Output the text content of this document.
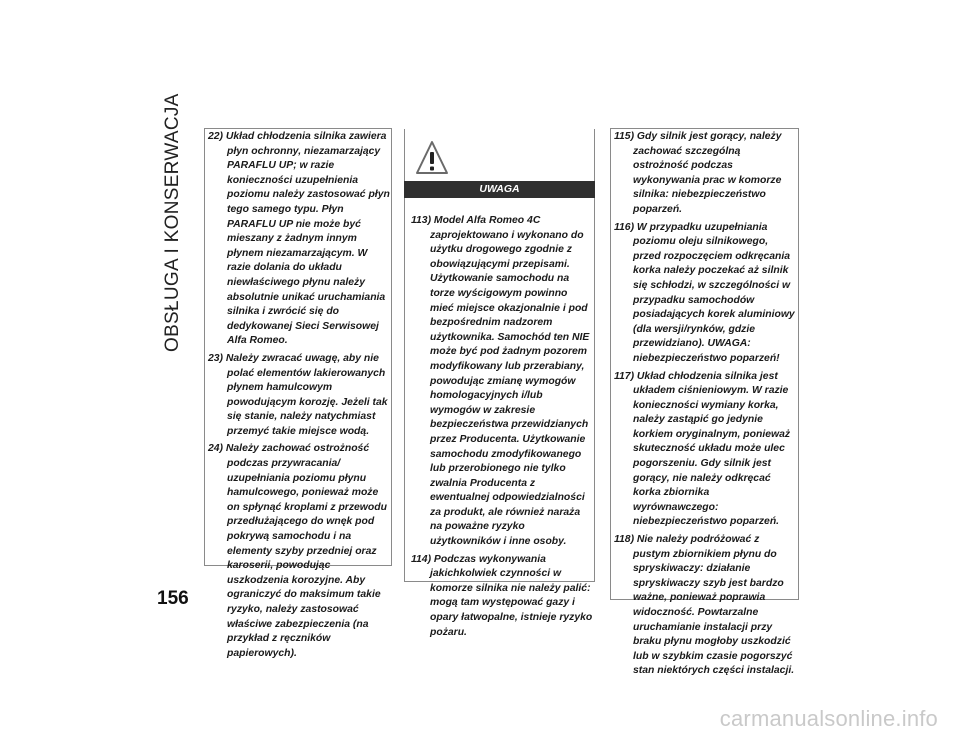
OBSŁUGA I KONSERWACJA
156
22) Układ chłodzenia silnika zawiera płyn ochronny, niezamarzający PARAFLU UP; w razie konieczności uzupełnienia poziomu należy zastosować płyn tego samego typu. Płyn PARAFLU UP nie może być mieszany z żadnym innym płynem niezamarzającym. W razie dolania do układu niewłaściwego płynu należy absolutnie unikać uruchamiania silnika i zwrócić się do dedykowanej Sieci Serwisowej Alfa Romeo.
23) Należy zwracać uwagę, aby nie polać elementów lakierowanych płynem hamulcowym powodującym korozję. Jeżeli tak się stanie, należy natychmiast przemyć takie miejsce wodą.
24) Należy zachować ostrożność podczas przywracania/ uzupełniania poziomu płynu hamulcowego, ponieważ może on spłynąć kroplami z przewodu przedłużającego do wnęk pod pokrywą samochodu i na elementy szyby przedniej oraz karoserii, powodując uszkodzenia korozyjne. Aby ograniczyć do maksimum takie ryzyko, należy zastosować właściwe zabezpieczenia (na przykład z ręczników papierowych).
UWAGA
113) Model Alfa Romeo 4C zaprojektowano i wykonano do użytku drogowego zgodnie z obowiązującymi przepisami. Użytkowanie samochodu na torze wyścigowym powinno mieć miejsce okazjonalnie i pod bezpośrednim nadzorem użytkownika. Samochód ten NIE może być pod żadnym pozorem modyfikowany lub przerabiany, powodując zmianę wymogów homologacyjnych i/lub wymogów w zakresie bezpieczeństwa przewidzianych przez Producenta. Użytkowanie samochodu zmodyfikowanego lub przerobionego nie tylko zwalnia Producenta z ewentualnej odpowiedzialności za produkt, ale również naraża na poważne ryzyko użytkowników i inne osoby.
114) Podczas wykonywania jakichkolwiek czynności w komorze silnika nie należy palić: mogą tam występować gazy i opary łatwopalne, istnieje ryzyko pożaru.
115) Gdy silnik jest gorący, należy zachować szczególną ostrożność podczas wykonywania prac w komorze silnika: niebezpieczeństwo poparzeń.
116) W przypadku uzupełniania poziomu oleju silnikowego, przed rozpoczęciem odkręcania korka należy poczekać aż silnik się schłodzi, w szczególności w przypadku samochodów posiadających korek aluminiowy (dla wersji/rynków, gdzie przewidziano). UWAGA: niebezpieczeństwo poparzeń!
117) Układ chłodzenia silnika jest układem ciśnieniowym. W razie konieczności wymiany korka, należy zastąpić go jedynie korkiem oryginalnym, ponieważ skuteczność układu może ulec pogorszeniu. Gdy silnik jest gorący, nie należy odkręcać korka zbiornika wyrównawczego: niebezpieczeństwo poparzeń.
118) Nie należy podróżować z pustym zbiornikiem płynu do spryskiwaczy: działanie spryskiwaczy szyb jest bardzo ważne, ponieważ poprawia widoczność. Powtarzalne uruchamianie instalacji przy braku płynu mogłoby uszkodzić lub w szybkim czasie pogorszyć stan niektórych części instalacji.
carmanualsonline.info
